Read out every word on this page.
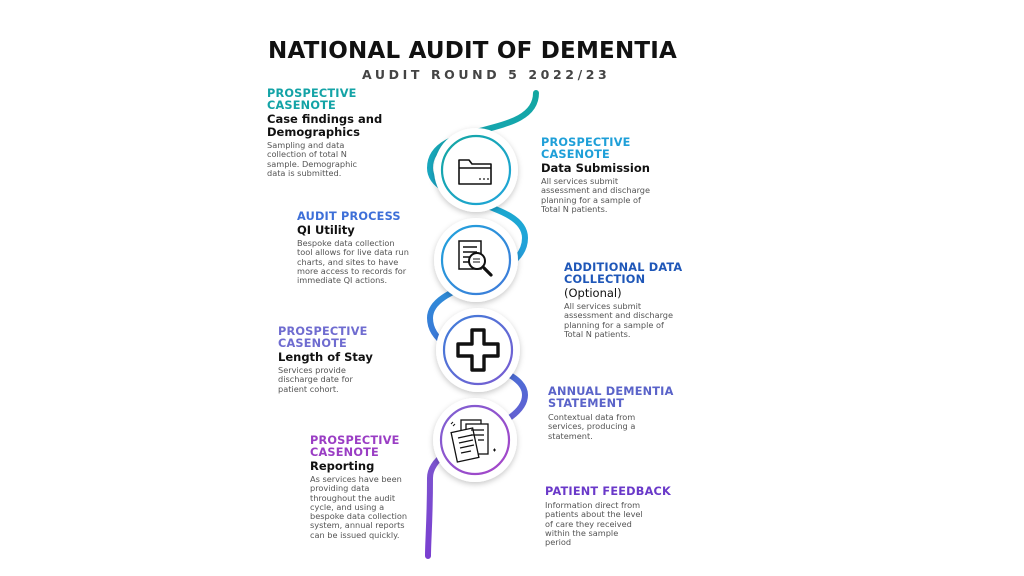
NATIONAL AUDIT OF DEMENTIA
AUDIT ROUND 5 2022/23
PROSPECTIVE
CASENOTE
Case findings and
Demographics
Sampling and data
collection of total N
sample. Demographic
data is submitted.
PROSPECTIVE
CASENOTE
Data Submission
All services submit
assessment and discharge
planning for a sample of
Total N patients.
AUDIT PROCESS
QI Utility
Bespoke data collection
tool allows for live data run
charts, and sites to have
more access to records for
immediate QI actions.
ADDITIONAL DATA
COLLECTION
(Optional)
All services submit
assessment and discharge
planning for a sample of
Total N patients.
PROSPECTIVE
CASENOTE
Length of Stay
Services provide
discharge date for
patient cohort.	ANNUAL DEMENTIA
STATEMENT
Contextual data from
services, producing a
statement.
PROSPECTIVE
CASENOTE
Reporting
As services have been
providing data
throughout the audit
cycle, and using a
bespoke data collection
system, annual reports
can be issued quickly.
PATIENT FEEDBACK
Information direct from
patients about the level
of care they received
within the sample
period
